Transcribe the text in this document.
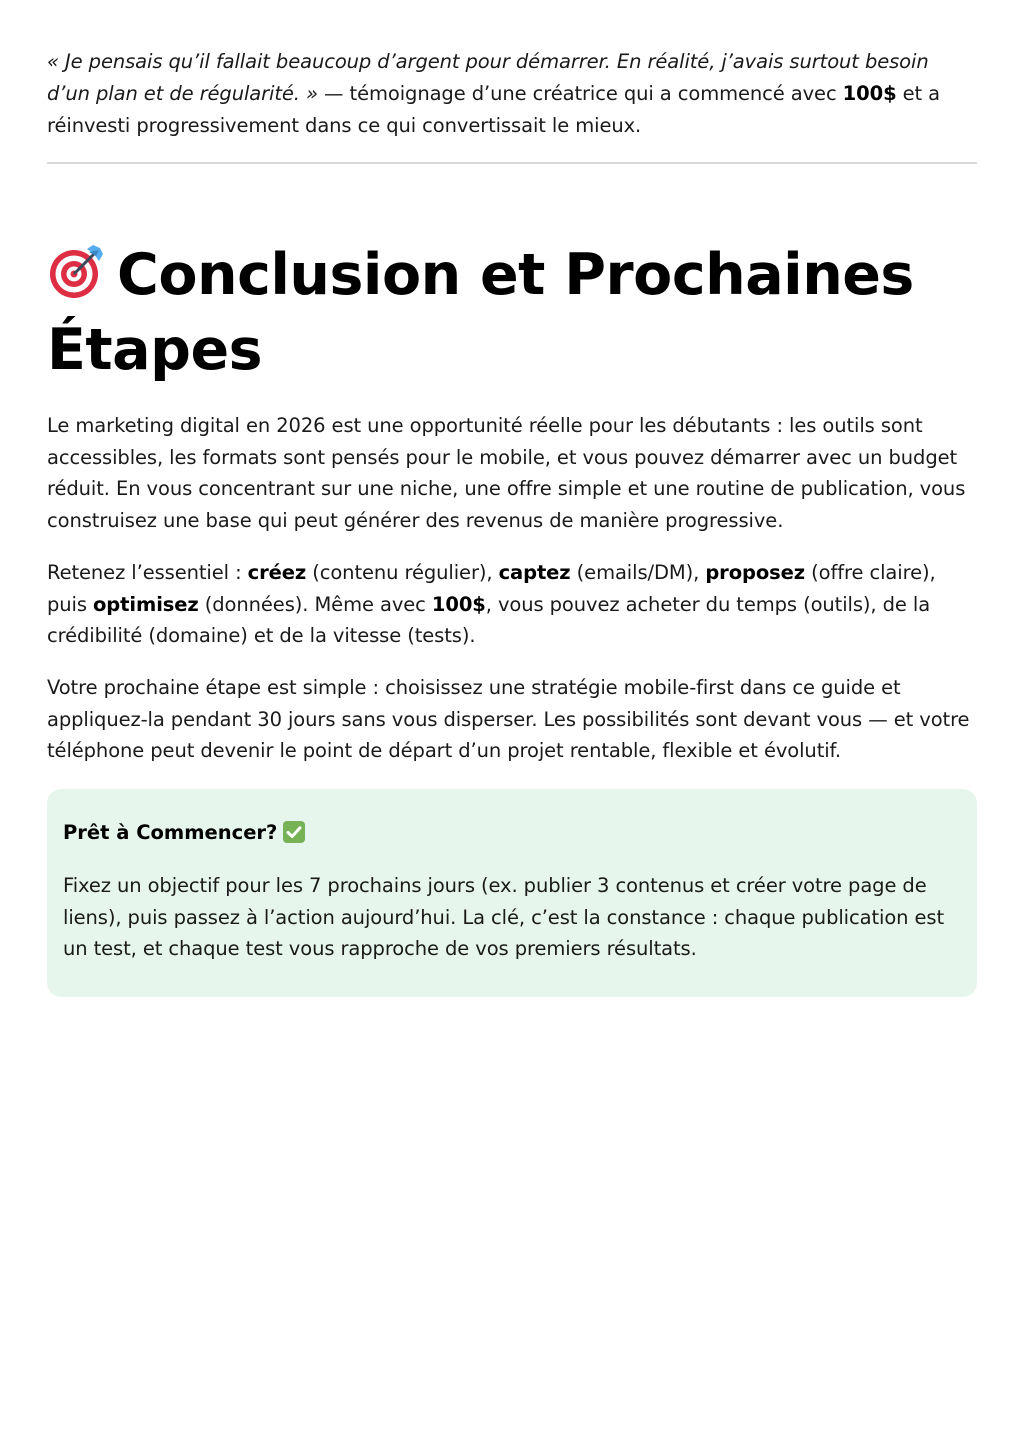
« Je pensais qu’il fallait beaucoup d’argent pour démarrer. En réalité, j’avais surtout besoin d’un plan et de régularité. » — témoignage d’une créatrice qui a commencé avec 100$ et a réinvesti progressivement dans ce qui convertissait le mieux.

Conclusion et Prochaines Étapes

Le marketing digital en 2026 est une opportunité réelle pour les débutants : les outils sont accessibles, les formats sont pensés pour le mobile, et vous pouvez démarrer avec un budget réduit. En vous concentrant sur une niche, une offre simple et une routine de publication, vous construisez une base qui peut générer des revenus de manière progressive.

Retenez l’essentiel : créez (contenu régulier), captez (emails/DM), proposez (offre claire), puis optimisez (données). Même avec 100$, vous pouvez acheter du temps (outils), de la crédibilité (domaine) et de la vitesse (tests).

Votre prochaine étape est simple : choisissez une stratégie mobile-first dans ce guide et appliquez-la pendant 30 jours sans vous disperser. Les possibilités sont devant vous — et votre téléphone peut devenir le point de départ d’un projet rentable, flexible et évolutif.

Prêt à Commencer?

Fixez un objectif pour les 7 prochains jours (ex. publier 3 contenus et créer votre page de liens), puis passez à l’action aujourd’hui. La clé, c’est la constance : chaque publication est un test, et chaque test vous rapproche de vos premiers résultats.
